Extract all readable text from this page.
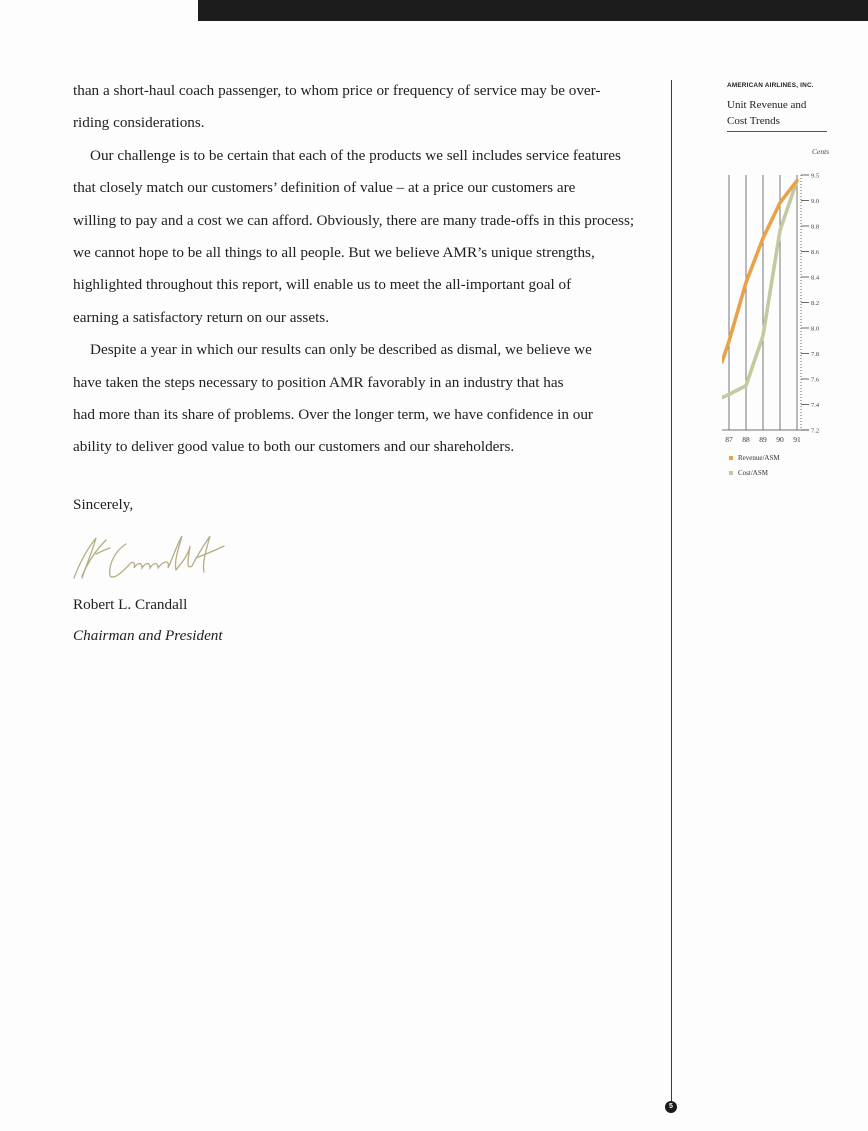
than a short-haul coach passenger, to whom price or frequency of service may be over-
riding considerations.

Our challenge is to be certain that each of the products we sell includes service features
that closely match our customers’ definition of value – at a price our customers are
willing to pay and a cost we can afford. Obviously, there are many trade-offs in this process;
we cannot hope to be all things to all people. But we believe AMR’s unique strengths,
highlighted throughout this report, will enable us to meet the all-important goal of
earning a satisfactory return on our assets.

Despite a year in which our results can only be described as dismal, we believe we
have taken the steps necessary to position AMR favorably in an industry that has
had more than its share of problems. Over the longer term, we have confidence in our
ability to deliver good value to both our customers and our shareholders.

Sincerely,
Robert L. Crandall
Chairman and President
AMERICAN AIRLINES, INC.
Unit Revenue and
Cost Trends
Cents
87 88 89 90 91
9.5
9.0
8.8
8.6
8.4
8.2
8.0
7.8
7.6
7.4
7.2
Revenue/ASM
Cost/ASM
5
